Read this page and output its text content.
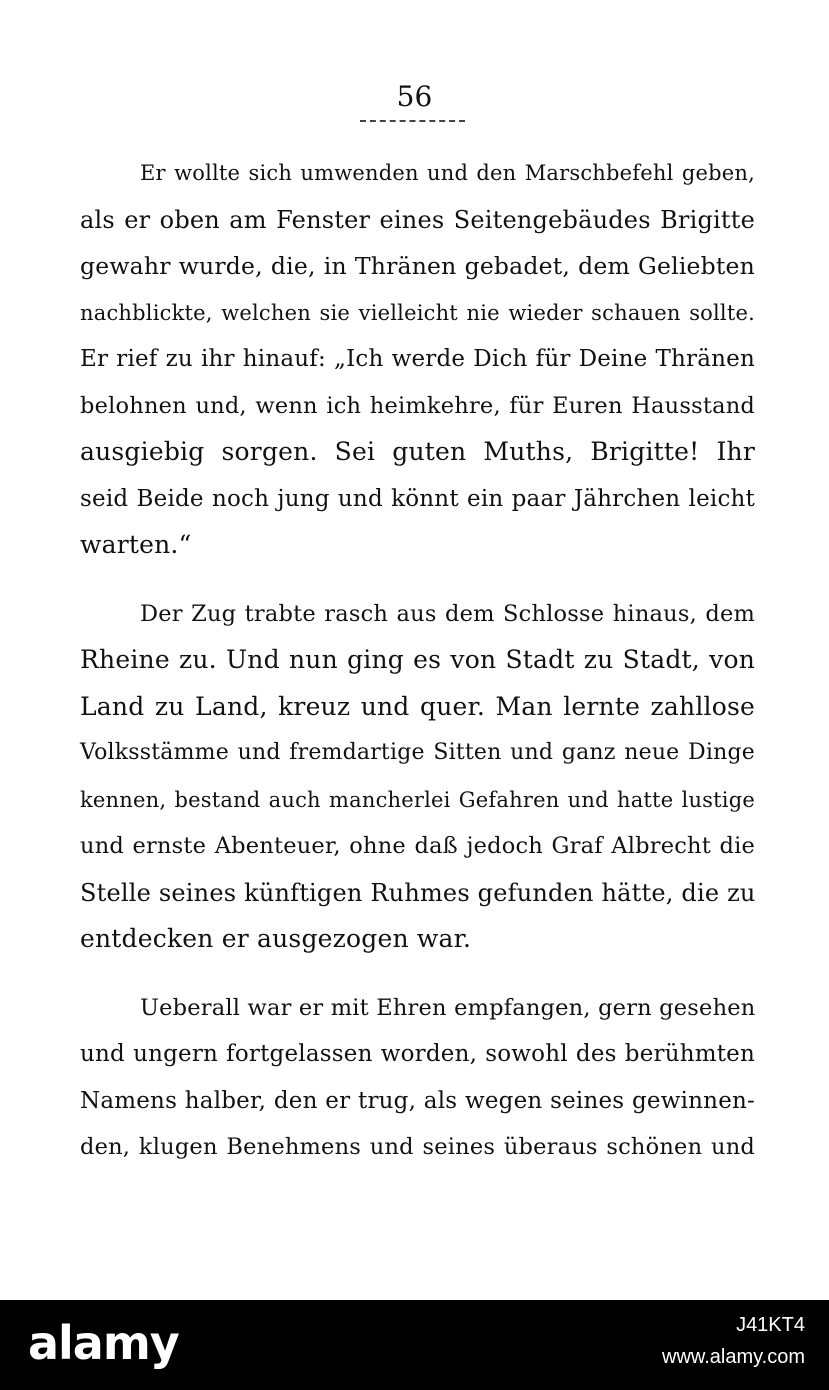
56
Er wollte sich umwenden und den Marschbefehl geben,
als er oben am Fenster eines Seitengebäudes Brigitte
gewahr wurde, die, in Thränen gebadet, dem Geliebten
nachblickte, welchen sie vielleicht nie wieder schauen sollte.
Er rief zu ihr hinauf: „Ich werde Dich für Deine Thränen
belohnen und, wenn ich heimkehre, für Euren Hausstand
ausgiebig sorgen. Sei guten Muths, Brigitte! Ihr
seid Beide noch jung und könnt ein paar Jährchen leicht
warten.“
Der Zug trabte rasch aus dem Schlosse hinaus, dem
Rheine zu. Und nun ging es von Stadt zu Stadt, von
Land zu Land, kreuz und quer. Man lernte zahllose
Volksstämme und fremdartige Sitten und ganz neue Dinge
kennen, bestand auch mancherlei Gefahren und hatte lustige
und ernste Abenteuer, ohne daß jedoch Graf Albrecht die
Stelle seines künftigen Ruhmes gefunden hätte, die zu
entdecken er ausgezogen war.
Ueberall war er mit Ehren empfangen, gern gesehen
und ungern fortgelassen worden, sowohl des berühmten
Namens halber, den er trug, als wegen seines gewinnen-
den, klugen Benehmens und seines überaus schönen und
alamy	J41KT4
www.alamy.com
